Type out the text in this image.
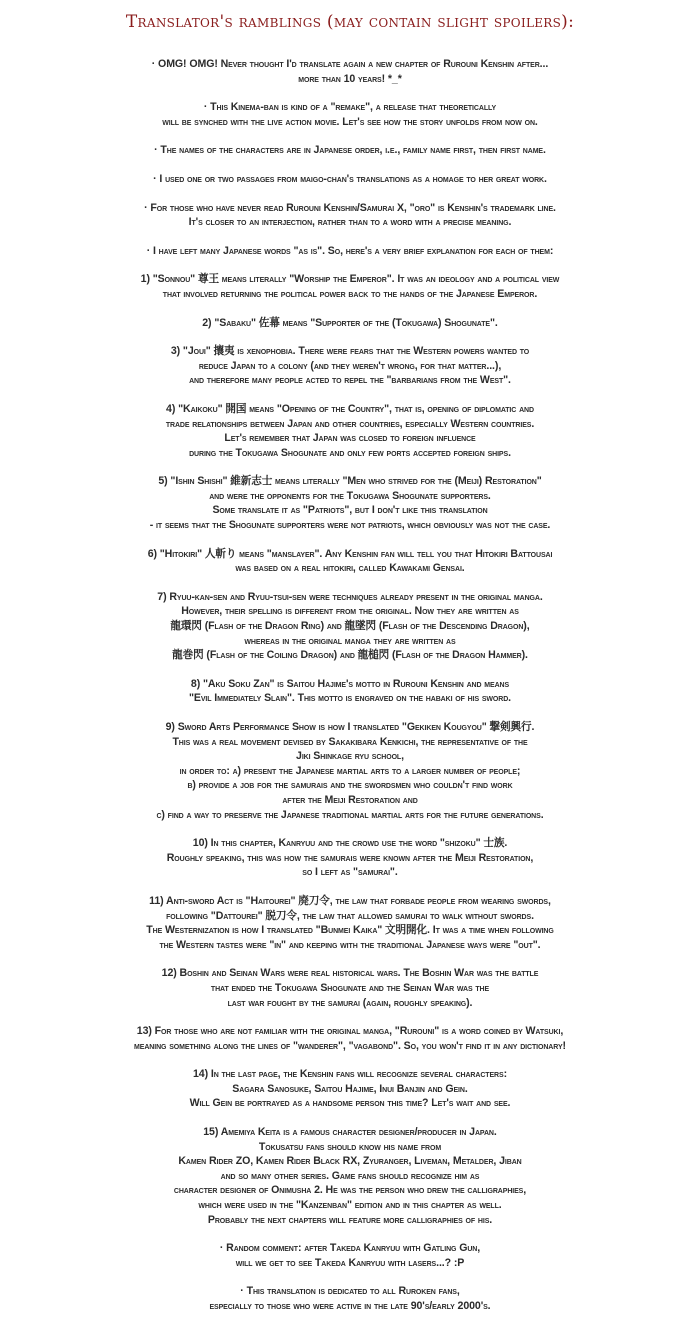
Translator's ramblings (may contain slight spoilers):
· OMG! OMG! Never thought I'd translate again a new chapter of Rurouni Kenshin after...
more than 10 years! *_*
· This Kinema-ban is kind of a "remake", a release that theoretically
will be synched with the live action movie. Let's see how the story unfolds from now on.
· The names of the characters are in Japanese order, i.e., family name first, then first name.
· I used one or two passages from maigo-chan's translations as a homage to her great work.
· For those who have never read Rurouni Kenshin/Samurai X, "oro" is Kenshin's trademark line.
It's closer to an interjection, rather than to a word with a precise meaning.
· I have left many Japanese words "as is". So, here's a very brief explanation for each of them:
1) "Sonnou" 尊王 means literally "Worship the Emperor". It was an ideology and a political view
that involved returning the political power back to the hands of the Japanese Emperor.
2) "Sabaku" 佐幕 means "Supporter of the (Tokugawa) Shogunate".
3) "Joui" 攘夷 is xenophobia. There were fears that the Western powers wanted to
reduce Japan to a colony (and they weren't wrong, for that matter...),
and therefore many people acted to repel the "barbarians from the West".
4) "Kaikoku" 開国 means "Opening of the Country", that is, opening of diplomatic and
trade relationships between Japan and other countries, especially Western countries.
Let's remember that Japan was closed to foreign influence
during the Tokugawa Shogunate and only few ports accepted foreign ships.
5) "Ishin Shishi" 維新志士 means literally "Men who strived for the (Meiji) Restoration"
and were the opponents for the Tokugawa Shogunate supporters.
Some translate it as "Patriots", but I don't like this translation
- it seems that the Shogunate supporters were not patriots, which obviously was not the case.
6) "Hitokiri" 人斬り means "manslayer". Any Kenshin fan will tell you that Hitokiri Battousai
was based on a real hitokiri, called Kawakami Gensai.
7) Ryuu-kan-sen and Ryuu-tsui-sen were techniques already present in the original manga.
However, their spelling is different from the original. Now they are written as
龍環閃 (Flash of the Dragon Ring) and 龍墜閃 (Flash of the Descending Dragon),
whereas in the original manga they are written as
龍巻閃 (Flash of the Coiling Dragon) and 龍槌閃 (Flash of the Dragon Hammer).
8) "Aku Soku Zan" is Saitou Hajime's motto in Rurouni Kenshin and means
"Evil Immediately Slain". This motto is engraved on the habaki of his sword.
9) Sword Arts Performance Show is how I translated "Gekiken Kougyou" 撃剣興行.
This was a real movement devised by Sakakibara Kenkichi, the representative of the
Jiki Shinkage ryu school,
in order to: a) present the Japanese martial arts to a larger number of people;
b) provide a job for the samurais and the swordsmen who couldn't find work
after the Meiji Restoration and
c) find a way to preserve the Japanese traditional martial arts for the future generations.
10) In this chapter, Kanryuu and the crowd use the word "shizoku" 士族.
Roughly speaking, this was how the samurais were known after the Meiji Restoration,
so I left as "samurai".
11) Anti-sword Act is "Haitourei" 廃刀令, the law that forbade people from wearing swords,
following "Dattourei" 脱刀令, the law that allowed samurai to walk without swords.
The Westernization is how I translated "Bunmei Kaika" 文明開化. It was a time when following
the Western tastes were "in" and keeping with the traditional Japanese ways were "out".
12) Boshin and Seinan Wars were real historical wars. The Boshin War was the battle
that ended the Tokugawa Shogunate and the Seinan War was the
last war fought by the samurai (again, roughly speaking).
13) For those who are not familiar with the original manga, "Rurouni" is a word coined by Watsuki,
meaning something along the lines of "wanderer", "vagabond". So, you won't find it in any dictionary!
14) In the last page, the Kenshin fans will recognize several characters:
Sagara Sanosuke, Saitou Hajime, Inui Banjin and Gein.
Will Gein be portrayed as a handsome person this time? Let's wait and see.
15) Amemiya Keita is a famous character designer/producer in Japan.
Tokusatsu fans should know his name from
Kamen Rider ZO, Kamen Rider Black RX, Zyuranger, Liveman, Metalder, Jiban
and so many other series. Game fans should recognize him as
character designer of Onimusha 2. He was the person who drew the calligraphies,
which were used in the "Kanzenban" edition and in this chapter as well.
Probably the next chapters will feature more calligraphies of his.
· Random comment: after Takeda Kanryuu with Gatling Gun,
will we get to see Takeda Kanryuu with lasers...? :P
· This translation is dedicated to all Ruroken fans,
especially to those who were active in the late 90's/early 2000's.
